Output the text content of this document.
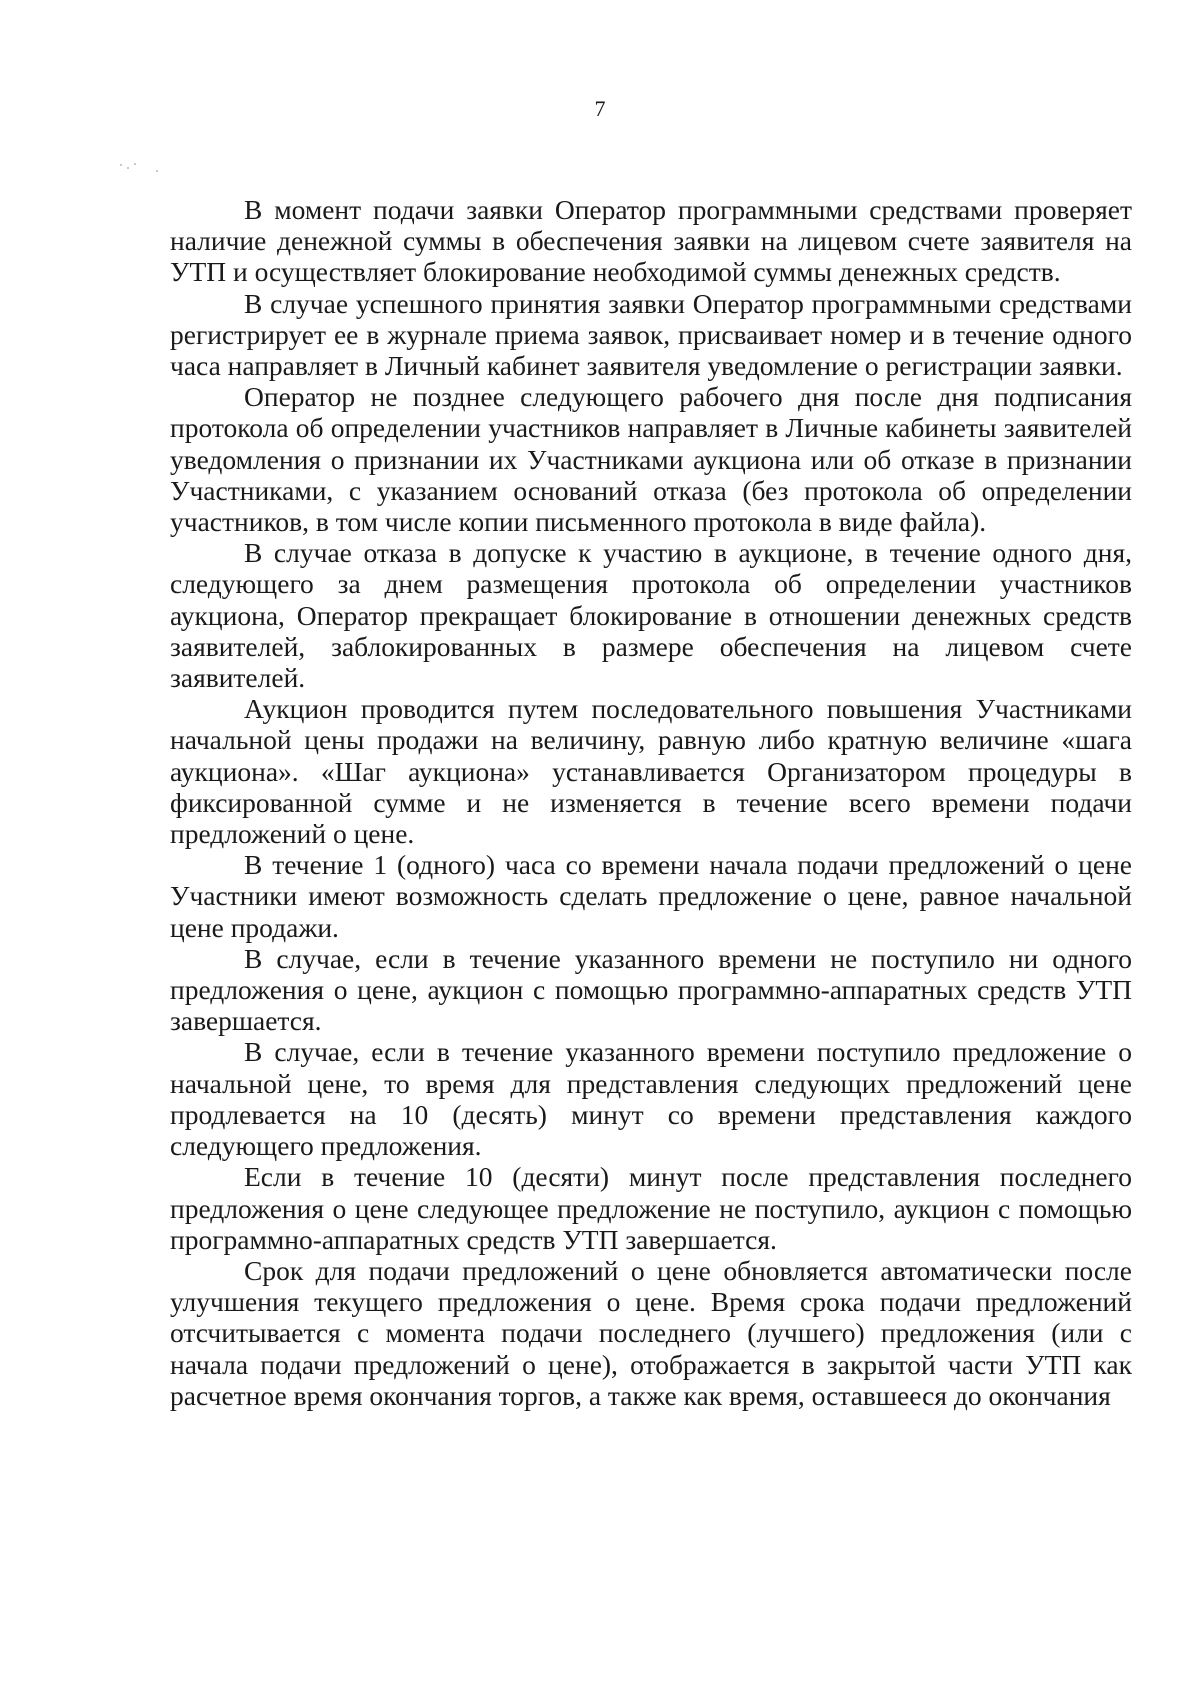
7

В момент подачи заявки Оператор программными средствами проверяет наличие денежной суммы в обеспечения заявки на лицевом счете заявителя на УТП и осуществляет блокирование необходимой суммы денежных средств.

В случае успешного принятия заявки Оператор программными средствами регистрирует ее в журнале приема заявок, присваивает номер и в течение одного часа направляет в Личный кабинет заявителя уведомление о регистрации заявки.

Оператор не позднее следующего рабочего дня после дня подписания протокола об определении участников направляет в Личные кабинеты заявителей уведомления о признании их Участниками аукциона или об отказе в признании Участниками, с указанием оснований отказа (без протокола об определении участников, в том числе копии письменного протокола в виде файла).

В случае отказа в допуске к участию в аукционе, в течение одного дня, следующего за днем размещения протокола об определении участников аукциона, Оператор прекращает блокирование в отношении денежных средств заявителей, заблокированных в размере обеспечения на лицевом счете заявителей.

Аукцион проводится путем последовательного повышения Участниками начальной цены продажи на величину, равную либо кратную величине «шага аукциона». «Шаг аукциона» устанавливается Организатором процедуры в фиксированной сумме и не изменяется в течение всего времени подачи предложений о цене.

В течение 1 (одного) часа со времени начала подачи предложений о цене Участники имеют возможность сделать предложение о цене, равное начальной цене продажи.

В случае, если в течение указанного времени не поступило ни одного предложения о цене, аукцион с помощью программно-аппаратных средств УТП завершается.

В случае, если в течение указанного времени поступило предложение о начальной цене, то время для представления следующих предложений цене продлевается на 10 (десять) минут со времени представления каждого следующего предложения.

Если в течение 10 (десяти) минут после представления последнего предложения о цене следующее предложение не поступило, аукцион с помощью программно-аппаратных средств УТП завершается.

Срок для подачи предложений о цене обновляется автоматически после улучшения текущего предложения о цене. Время срока подачи предложений отсчитывается с момента подачи последнего (лучшего) предложения (или с начала подачи предложений о цене), отображается в закрытой части УТП как расчетное время окончания торгов, а также как время, оставшееся до окончания
